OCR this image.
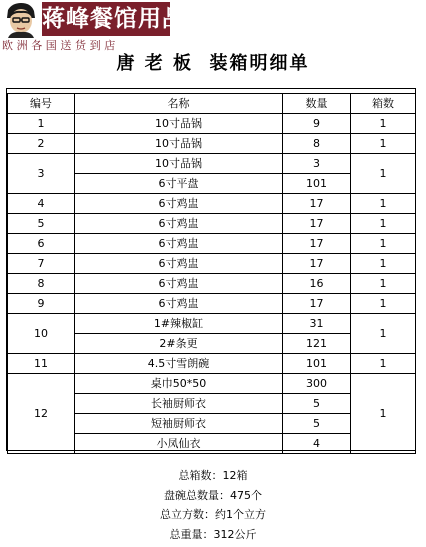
蒋峰餐馆用品
欧洲各国送货到店
唐 老 板  装箱明细单
编号	名称	数量	箱数
1	10寸品锅	9	1
2	10寸品锅	8	1
3	10寸品锅	3	1
	6寸平盘	101	
4	6寸鸡盅	17	1
5	6寸鸡盅	17	1
6	6寸鸡盅	17	1
7	6寸鸡盅	17	1
8	6寸鸡盅	16	1
9	6寸鸡盅	17	1
10	1#辣椒缸	31	1
	2#条更	121	
11	4.5寸雪朗碗	101	1
12	桌巾50*50	300	1
	长袖厨师衣	5	
	短袖厨师衣	5	
	小凤仙衣	4	
总箱数：12箱
盘碗总数量：475个
总立方数：约1个立方
总重量：312公斤
